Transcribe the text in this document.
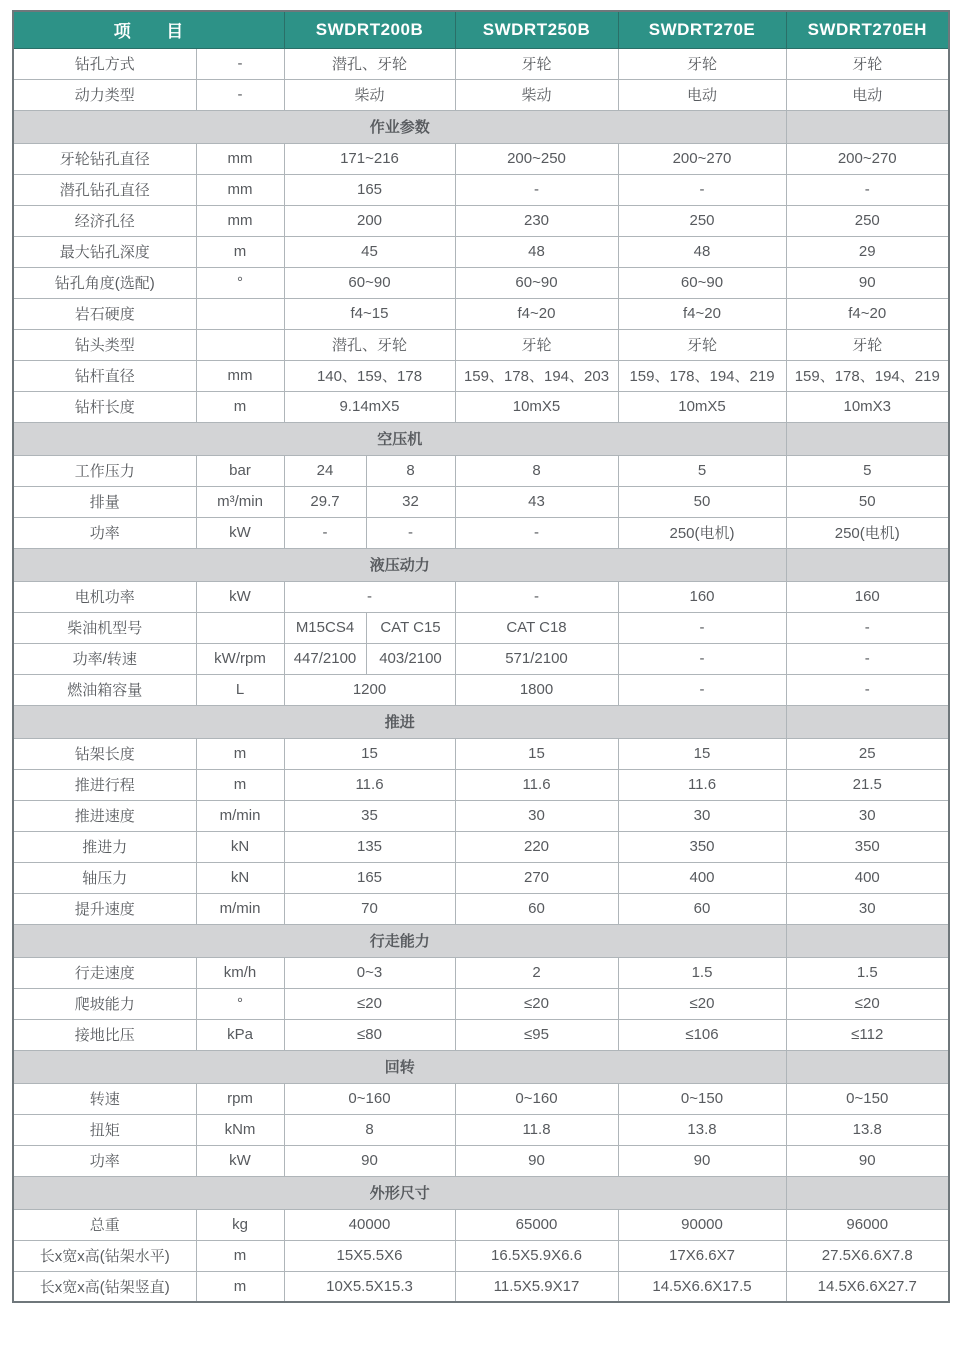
项　　目		SWDRT200B		SWDRT250B	SWDRT270E	SWDRT270EH
钻孔方式	-	潜孔、牙轮		牙轮	牙轮	牙轮
动力类型	-	柴动		柴动	电动	电动
作业参数						
牙轮钻孔直径	mm	171~216		200~250	200~270	200~270
潜孔钻孔直径	mm	165		-	-	-
经济孔径	mm	200		230	250	250
最大钻孔深度	m	45		48	48	29
钻孔角度(选配)	°	60~90		60~90	60~90	90
岩石硬度		f4~15		f4~20	f4~20	f4~20
钻头类型		潜孔、牙轮		牙轮	牙轮	牙轮
钻杆直径	mm	140、159、178		159、178、194、203	159、178、194、219	159、178、194、219
钻杆长度	m	9.14mX5		10mX5	10mX5	10mX3
空压机						
工作压力	bar	24	8	8	5	5
排量	m³/min	29.7	32	43	50	50
功率	kW	-	-	-	250(电机)	250(电机)
液压动力						
电机功率	kW	-		-	160	160
柴油机型号		M15CS4	CAT C15	CAT C18	-	-
功率/转速	kW/rpm	447/2100	403/2100	571/2100	-	-
燃油箱容量	L	1200		1800	-	-
推进						
钻架长度	m	15		15	15	25
推进行程	m	11.6		11.6	11.6	21.5
推进速度	m/min	35		30	30	30
推进力	kN	135		220	350	350
轴压力	kN	165		270	400	400
提升速度	m/min	70		60	60	30
行走能力						
行走速度	km/h	0~3		2	1.5	1.5
爬坡能力	°	≤20		≤20	≤20	≤20
接地比压	kPa	≤80		≤95	≤106	≤112
回转						
转速	rpm	0~160		0~160	0~150	0~150
扭矩	kNm	8		11.8	13.8	13.8
功率	kW	90		90	90	90
外形尺寸						
总重	kg	40000		65000	90000	96000
长x宽x高(钻架水平)	m	15X5.5X6		16.5X5.9X6.6	17X6.6X7	27.5X6.6X7.8
长x宽x高(钻架竖直)	m	10X5.5X15.3		11.5X5.9X17	14.5X6.6X17.5	14.5X6.6X27.7
